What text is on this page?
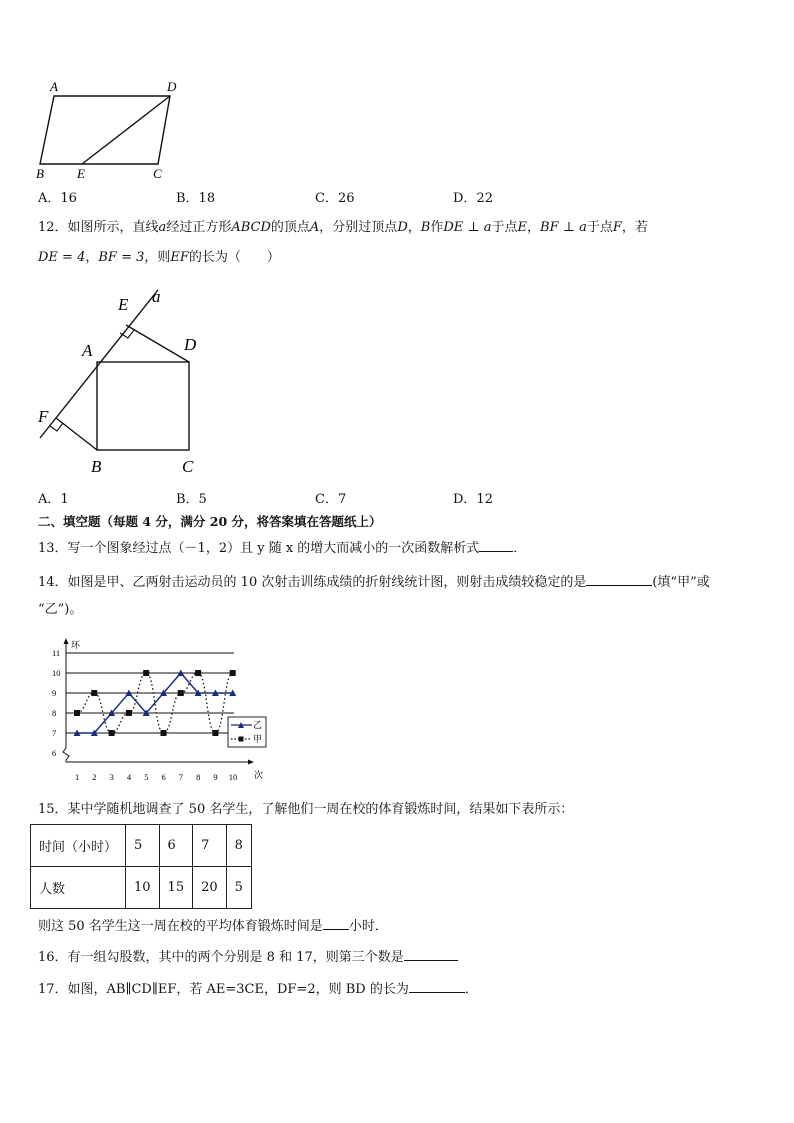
A	D
B	E	C
A．16	B．18	C．26	D．22
12．如图所示，直线a经过正方形ABCD的顶点A，分别过顶点D，B作DE ⊥ a于点E，BF ⊥ a于点F，若
DE = 4，BF = 3，则EF的长为（　　）
E a
A	D
F
B	C
A．1	B．5	C．7	D．12
二、填空题（每题 4 分，满分 20 分，将答案填在答题纸上）
13．写一个图象经过点（－1，2）且 y 随 x 的增大而减小的一次函数解析式	．
14．如图是甲、乙两射击运动员的 10 次射击训练成绩的折射线统计图，则射击成绩较稳定的是	(填“甲”或
“乙”)。
环
次
6
7
8
9
10
11
1 2 3 4 5 6 7 8 9 10
乙
甲
15．某中学随机地调查了 50 名学生，了解他们一周在校的体育锻炼时间，结果如下表所示：
时间（小时）	5	6	7	8
人数	10	15	20	5
则这 50 名学生这一周在校的平均体育锻炼时间是 小时．
16．有一组勾股数，其中的两个分别是 8 和 17，则第三个数是
17．如图，AB∥CD∥EF，若 AE=3CE，DF=2，则 BD 的长为	．
